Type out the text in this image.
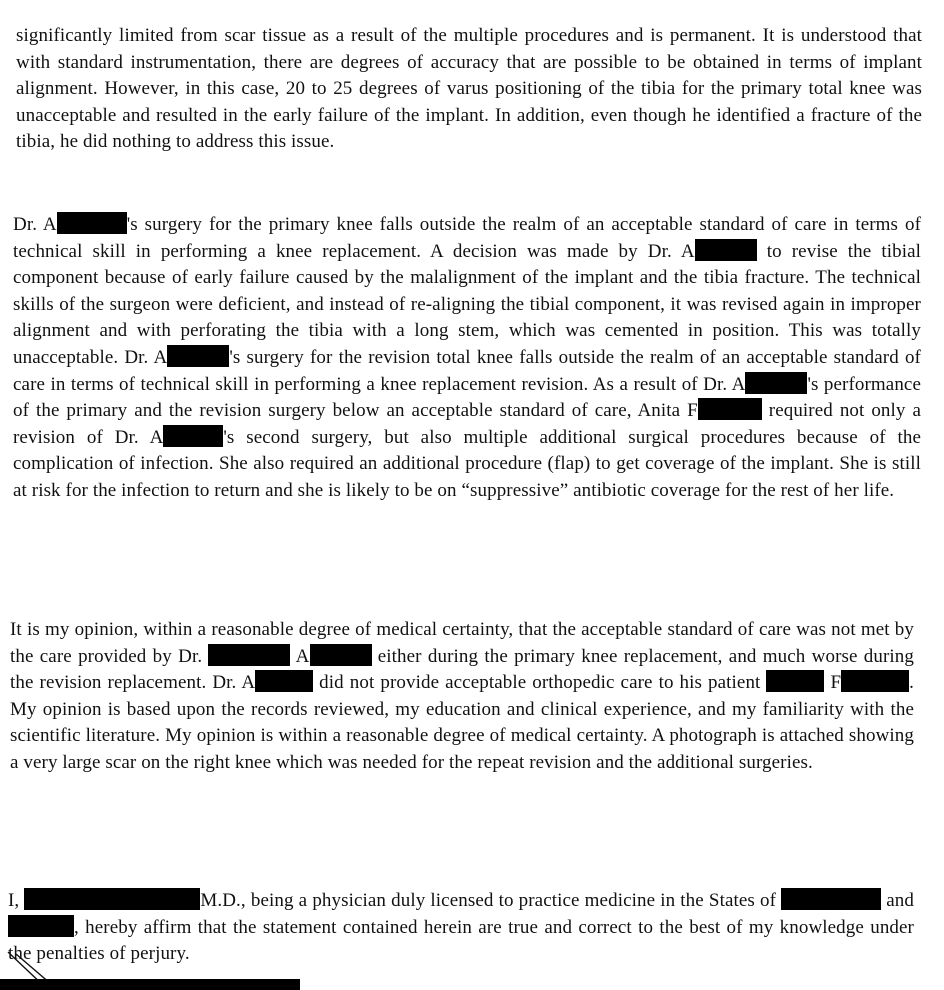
significantly limited from scar tissue as a result of the multiple procedures and is permanent. It is understood that with standard instrumentation, there are degrees of accuracy that are possible to be obtained in terms of implant alignment. However, in this case, 20 to 25 degrees of varus positioning of the tibia for the primary total knee was unacceptable and resulted in the early failure of the implant. In addition, even though he identified a fracture of the tibia, he did nothing to address this issue.

Dr. A	's surgery for the primary knee falls outside the realm of an acceptable standard of care in terms of technical skill in performing a knee replacement. A decision was made by Dr. A	to revise the tibial component because of early failure caused by the malalignment of the implant and the tibia fracture. The technical skills of the surgeon were deficient, and instead of re-aligning the tibial component, it was revised again in improper alignment and with perforating the tibia with a long stem, which was cemented in position. This was totally unacceptable. Dr. A	's surgery for the revision total knee falls outside the realm of an acceptable standard of care in terms of technical skill in performing a knee replacement revision. As a result of Dr. A	's performance of the primary and the revision surgery below an acceptable standard of care, Anita F	required not only a revision of Dr. A	's second surgery, but also multiple additional surgical procedures because of the complication of infection. She also required an additional procedure (flap) to get coverage of the implant. She is still at risk for the infection to return and she is likely to be on “suppressive” antibiotic coverage for the rest of her life.

It is my opinion, within a reasonable degree of medical certainty, that the acceptable standard of care was not met by the care provided by Dr.	A	either during the primary knee replacement, and much worse during the revision replacement. Dr. A	did not provide acceptable orthopedic care to his patient	F	. My opinion is based upon the records reviewed, my education and clinical experience, and my familiarity with the scientific literature. My opinion is within a reasonable degree of medical certainty. A photograph is attached showing a very large scar on the right knee which was needed for the repeat revision and the additional surgeries.

I,	M.D., being a physician duly licensed to practice medicine in the States of	and , hereby affirm that the statement contained herein are true and correct to the best of my knowledge under the penalties of perjury.
